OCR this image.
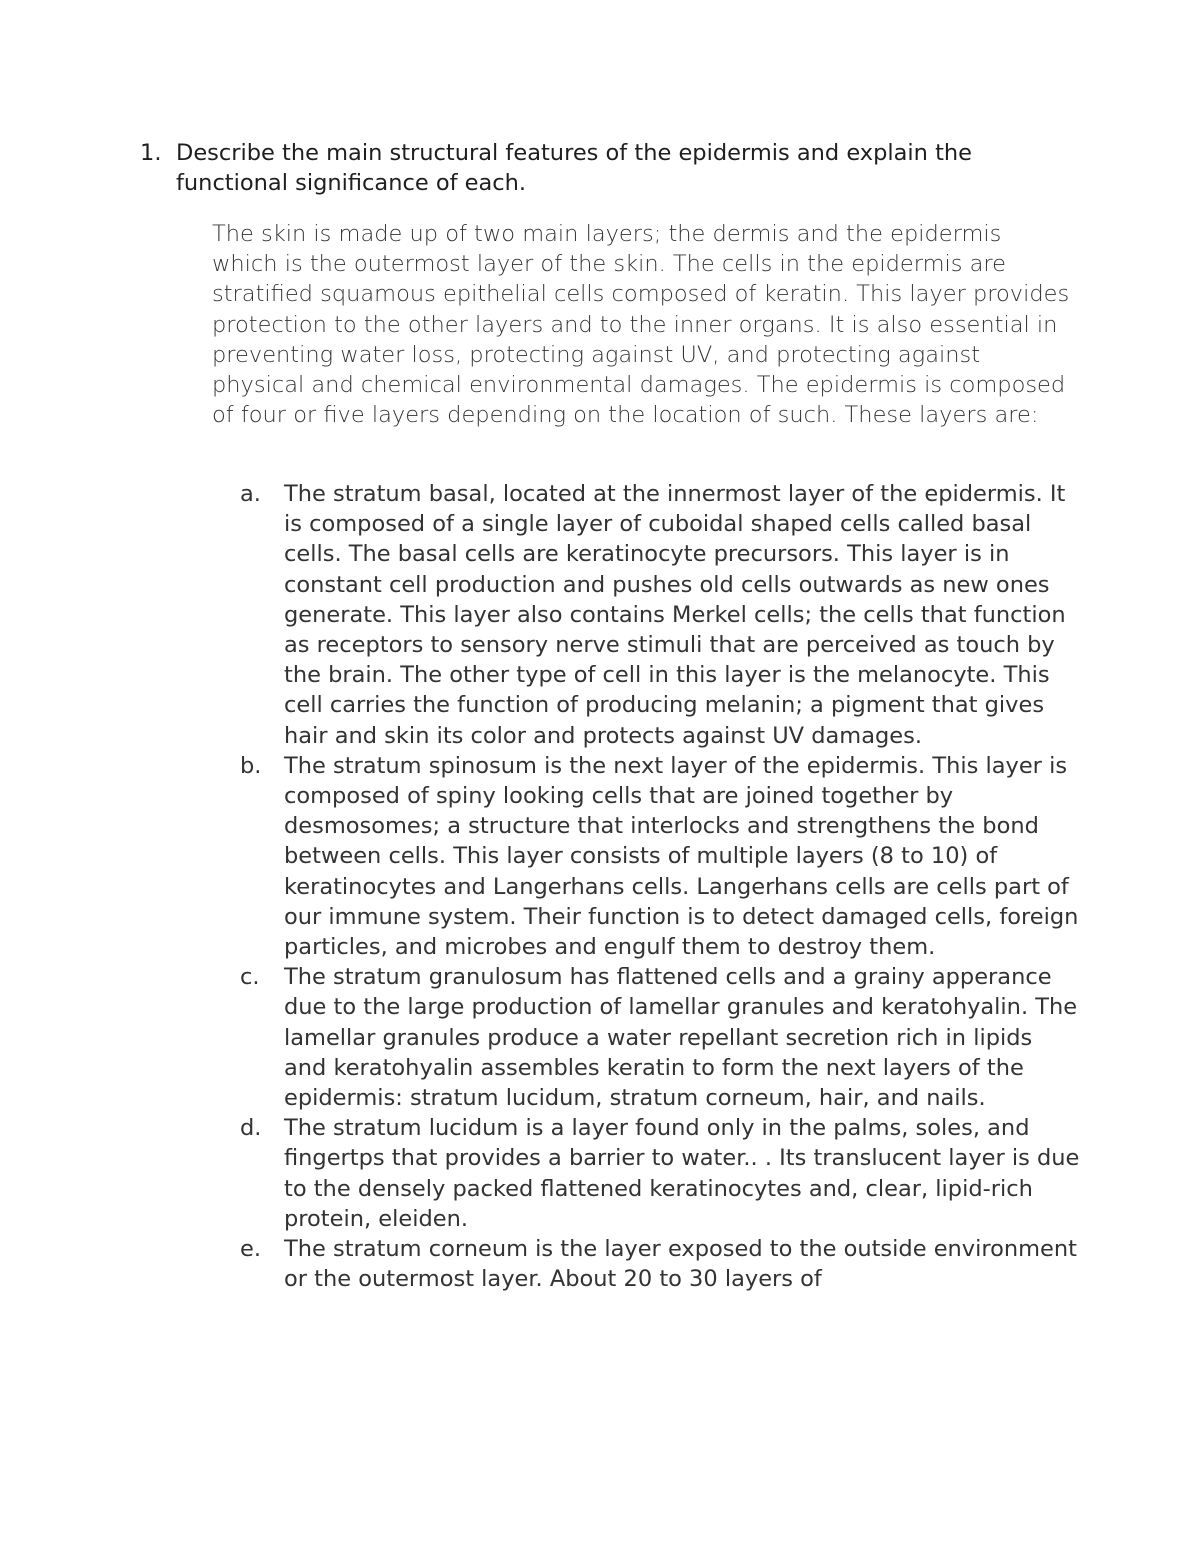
1. Describe the main structural features of the epidermis and explain the functional significance of each.
The skin is made up of two main layers; the dermis and the epidermis which is the outermost layer of the skin. The cells in the epidermis are stratified squamous epithelial cells composed of keratin. This layer provides protection to the other layers and to the inner organs. It is also essential in preventing water loss, protecting against UV, and protecting against physical and chemical environmental damages. The epidermis is composed of four or five layers depending on the location of such. These layers are:
a. The stratum basal, located at the innermost layer of the epidermis. It is composed of a single layer of cuboidal shaped cells called basal cells. The basal cells are keratinocyte precursors. This layer is in constant cell production and pushes old cells outwards as new ones generate. This layer also contains Merkel cells; the cells that function as receptors to sensory nerve stimuli that are perceived as touch by the brain. The other type of cell in this layer is the melanocyte. This cell carries the function of producing melanin; a pigment that gives hair and skin its color and protects against UV damages.
b. The stratum spinosum is the next layer of the epidermis. This layer is composed of spiny looking cells that are joined together by desmosomes; a structure that interlocks and strengthens the bond between cells. This layer consists of multiple layers (8 to 10) of keratinocytes and Langerhans cells. Langerhans cells are cells part of our immune system. Their function is to detect damaged cells, foreign particles, and microbes and engulf them to destroy them.
c. The stratum granulosum has flattened cells and a grainy apperance due to the large production of lamellar granules and keratohyalin. The lamellar granules produce a water repellant secretion rich in lipids and keratohyalin assembles keratin to form the next layers of the epidermis: stratum lucidum, stratum corneum, hair, and nails.
d. The stratum lucidum is a layer found only in the palms, soles, and fingertps that provides a barrier to water.. . Its translucent layer is due to the densely packed flattened keratinocytes and, clear, lipid-rich protein, eleiden.
e. The stratum corneum is the layer exposed to the outside environment or the outermost layer. About 20 to 30 layers of
